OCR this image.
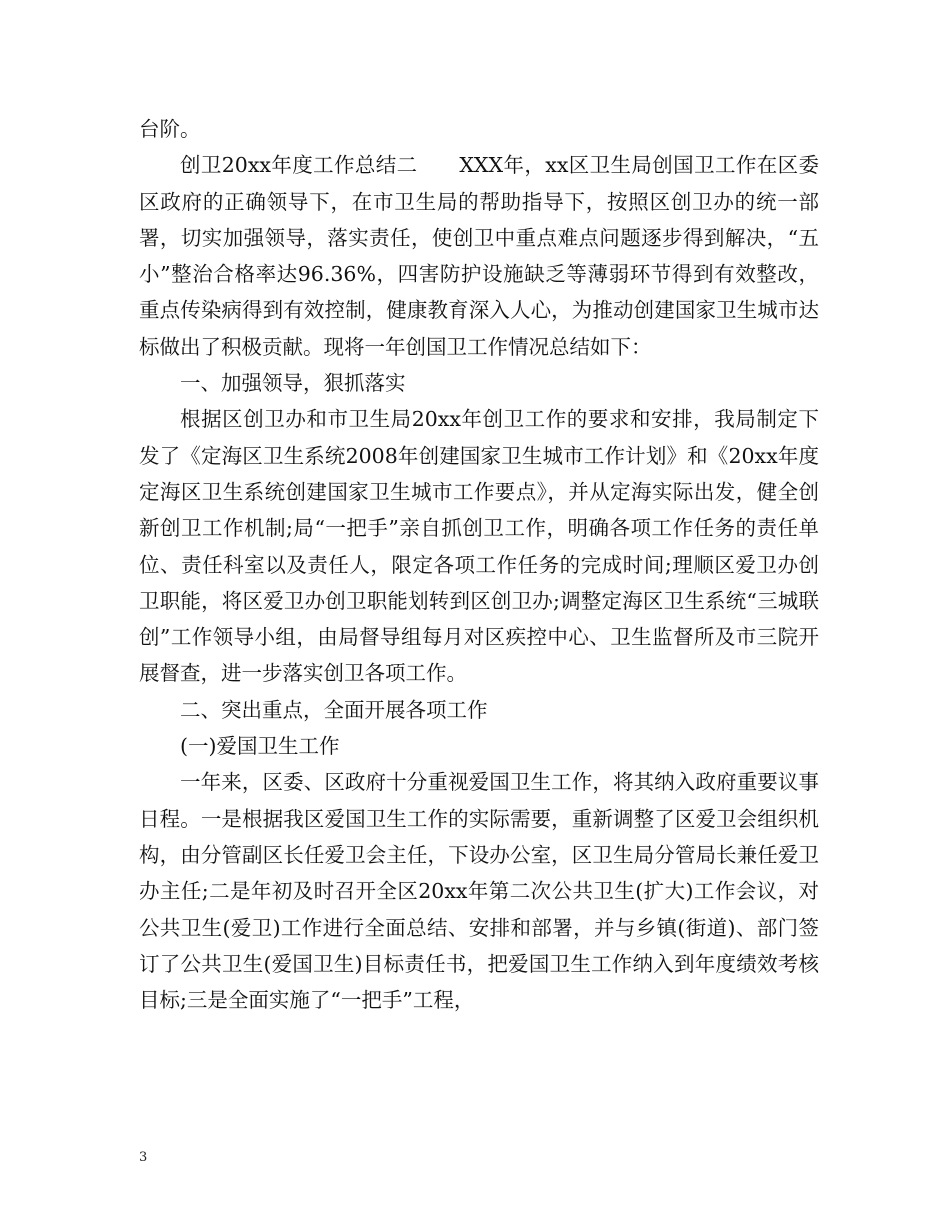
台阶。

创卫20xx年度工作总结二　　XXX年，xx区卫生局创国卫工作在区委区政府的正确领导下，在市卫生局的帮助指导下，按照区创卫办的统一部署，切实加强领导，落实责任，使创卫中重点难点问题逐步得到解决，“五小”整治合格率达96.36%，四害防护设施缺乏等薄弱环节得到有效整改，重点传染病得到有效控制，健康教育深入人心，为推动创建国家卫生城市达标做出了积极贡献。现将一年创国卫工作情况总结如下：

一、加强领导，狠抓落实

根据区创卫办和市卫生局20xx年创卫工作的要求和安排，我局制定下发了《定海区卫生系统2008年创建国家卫生城市工作计划》和《20xx年度定海区卫生系统创建国家卫生城市工作要点》，并从定海实际出发，健全创新创卫工作机制;局“一把手”亲自抓创卫工作，明确各项工作任务的责任单位、责任科室以及责任人，限定各项工作任务的完成时间;理顺区爱卫办创卫职能，将区爱卫办创卫职能划转到区创卫办;调整定海区卫生系统“三城联创”工作领导小组，由局督导组每月对区疾控中心、卫生监督所及市三院开展督查，进一步落实创卫各项工作。

二、突出重点，全面开展各项工作

(一)爱国卫生工作

一年来，区委、区政府十分重视爱国卫生工作，将其纳入政府重要议事日程。一是根据我区爱国卫生工作的实际需要，重新调整了区爱卫会组织机构，由分管副区长任爱卫会主任，下设办公室，区卫生局分管局长兼任爱卫办主任;二是年初及时召开全区20xx年第二次公共卫生(扩大)工作会议，对公共卫生(爱卫)工作进行全面总结、安排和部署，并与乡镇(街道)、部门签订了公共卫生(爱国卫生)目标责任书，把爱国卫生工作纳入到年度绩效考核目标;三是全面实施了“一把手”工程，

3
